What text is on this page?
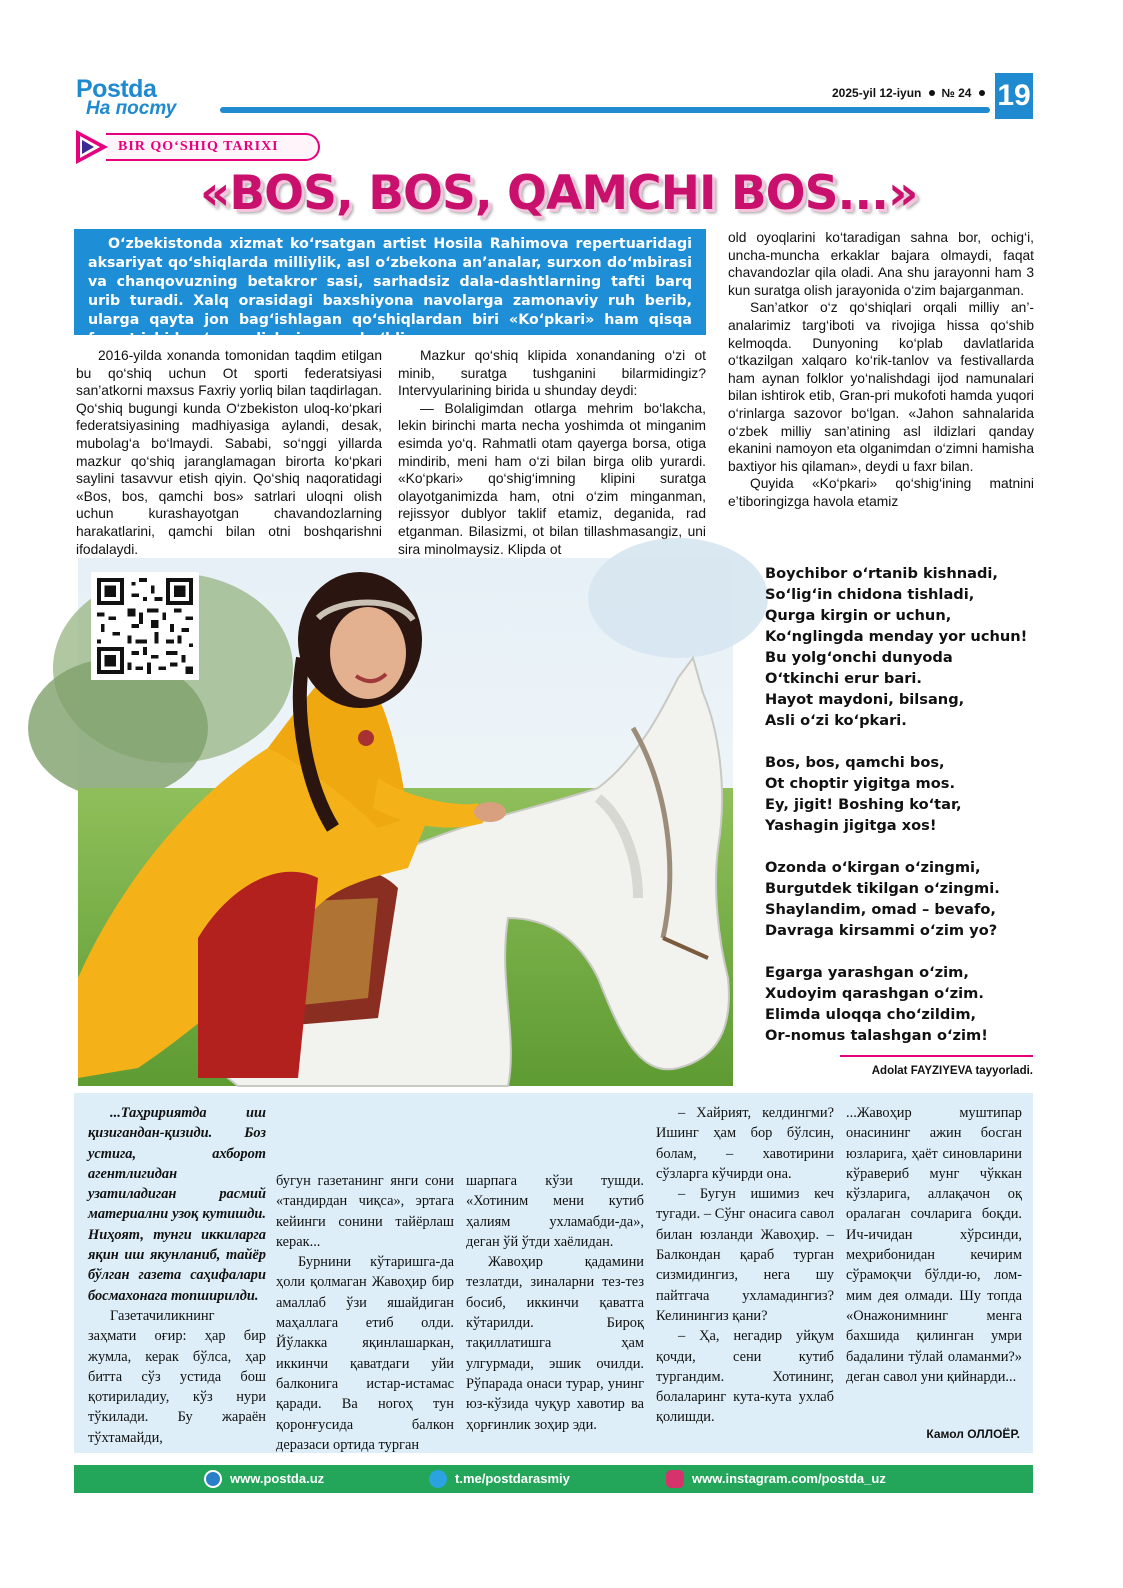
Postda
На посту
2025-yil 12-iyun № 24 19
BIR QO‘SHIQ TARIXI
«BOS, BOS, QAMCHI BOS...»
O‘zbekistonda xizmat ko‘rsatgan artist Hosila Rahimova repertuaridagi aksariyat qo‘shiqlarda milliylik, asl o‘zbekona an’analar, surxon do‘mbirasi va chanqovuzning betakror sasi, sarhadsiz dala-dashtlarning tafti barq urib turadi. Xalq orasidagi baxshiyona navolarga zamonaviy ruh berib, ularga qayta jon bag‘ishlagan qo‘shiqlardan biri «Ko‘pkari» ham qisqa fursat ichida o‘z muxlislariga ega bo‘ldi.

2016-yilda xonanda tomonidan taqdim etilgan bu qo‘shiq uchun Ot sporti federatsiyasi san’atkorni maxsus Faxriy yorliq bilan taqdirlagan. Qo‘shiq bugungi kunda O‘zbekiston uloq-ko‘pkari federatsiyasining madhiyasiga aylandi, desak, mubolag‘a bo‘lmaydi. Sababi, so‘nggi yillarda mazkur qo‘shiq jaranglamagan birorta ko‘pkari saylini tasavvur etish qiyin. Qo‘shiq naqoratidagi «Bos, bos, qamchi bos» satrlari uloqni olish uchun kurashayotgan chavandozlarning harakatlarini, qamchi bilan otni boshqarishni ifodalaydi.

Mazkur qo‘shiq klipida xonandaning o‘zi ot minib, suratga tushganini bilarmidingiz? Intervyularining birida u shunday deydi:

— Bolaligimdan otlarga mehrim bo‘lakcha, lekin birinchi marta necha yoshimda ot minganim esimda yo‘q. Rahmatli otam qayerga borsa, otiga mindirib, meni ham o‘zi bilan birga olib yurardi. «Ko‘pkari» qo‘shig‘imning klipini suratga olayotganimizda ham, otni o‘zim minganman, rejissyor dublyor taklif etamiz, deganida, rad etganman. Bilasizmi, ot bilan tillashmasangiz, uni sira minolmaysiz. Klipda ot

old oyoqlarini ko‘taradigan sahna bor, ochig‘i, uncha-muncha erkaklar bajara olmaydi, faqat chavandozlar qila oladi. Ana shu jarayonni ham 3 kun suratga olish jarayonida o‘zim bajarganman.

San’atkor o‘z qo‘shiqlari orqali milliy an’-analarimiz targ‘iboti va rivojiga hissa qo‘shib kelmoqda. Dunyoning ko‘plab davlatlarida o‘tkazilgan xalqaro ko‘rik-tanlov va festivallarda ham aynan folklor yo‘nalishdagi ijod namunalari bilan ishtirok etib, Gran-pri mukofoti hamda yuqori o‘rinlarga sazovor bo‘lgan. «Jahon sahnalarida o‘zbek milliy san’atining asl ildizlari qanday ekanini namoyon eta olganimdan o‘zimni hamisha baxtiyor his qilaman», deydi u faxr bilan.

Quyida «Ko‘pkari» qo‘shig‘ining matnini e’tiboringizga havola etamiz

Boychibor o‘rtanib kishnadi,
So‘lig‘in chidona tishladi,
Qurga kirgin or uchun,
Ko‘nglingda menday yor uchun!
Bu yolg‘onchi dunyoda
O‘tkinchi erur bari.
Hayot maydoni, bilsang,
Asli o‘zi ko‘pkari.
Bos, bos, qamchi bos,
Ot choptir yigitga mos.
Ey, jigit! Boshing ko‘tar,
Yashagin jigitga xos!
Ozonda o‘kirgan o‘zingmi,
Burgutdek tikilgan o‘zingmi.
Shaylandim, omad – bevafo,
Davraga kirsammi o‘zim yo?
Egarga yarashgan o‘zim,
Xudoyim qarashgan o‘zim.
Elimda uloqqa cho‘zildim,
Or-nomus talashgan o‘zim!
Adolat FAYZIYEVA tayyorladi.

...Таҳририятда иш қизигандан-қизиди. Боз устига, ахборот агентлигидан узатиладиган расмий материални узоқ кутишди. Ниҳоят, тунги иккиларга яқин иш якунланиб, тайёр бўлган газета саҳифалари босмахонага топширилди.

Газетачиликнинг заҳмати оғир: ҳар бир жумла, керак бўлса, ҳар битта сўз устида бош қотириладиy, кўз нури тўкилади. Бу жараён тўхтамайди,

бугун газетанинг янги сони «тандирдан чиқса», эртага кейинги сонини тайёрлаш керак...

Бурнини кўтаришга-да ҳоли қолмаган Жавоҳир бир амаллаб ўзи яшайдиган маҳаллага етиб олди. Йўлакка яқинлашаркан, иккинчи қаватдаги уйи балконига истар-истамас қаради. Ва ногоҳ тун қоронғусида балкон деразаси ортида турган

шарпага кўзи тушди. «Хотиним мени кутиб ҳалиям ухламабди-да», деган ўй ўтди хаёлидан.

Жавоҳир қадамини тезлатди, зиналарни тез-тез босиб, иккинчи қаватга кўтарилди. Бироқ тақиллатишга ҳам улгурмади, эшик очилди. Рўпарада онаси турар, унинг юз-кўзида чуқур хавотир ва ҳорғинлик зоҳир эди.

– Хайрият, келдингми? Ишинг ҳам бор бўлсин, болам, – хавотирини сўзларга кўчирди она.

– Бугун ишимиз кеч тугади. – Сўнг онасига савол билан юзланди Жавоҳир. – Балкондан қараб турган сизмидингиз, нега шу пайтгача ухламадингиз? Келинингиз қани?

– Ҳа, негадир уйқум қочди, сени кутиб тургандим. Хотининг, болаларинг кута-кута ухлаб қолишди.

...Жавоҳир муштипар онасининг ажин босган юзларига, ҳаёт синовларини кўравериб мунг чўккан кўзларига, аллақачон оқ оралаган сочларига боқди. Ич-ичидан хўрсинди, меҳрибонидан кечирим сўрамоқчи бўлди-ю, лом-мим дея олмади. Шу топда «Онажонимнинг менга бахшида қилинган умри бадалини тўлай оламанми?» деган савол уни қийнарди...

Камол ОЛЛОЁР.
www.postda.uz	t.me/postdarasmiy	www.instagram.com/postda_uz
